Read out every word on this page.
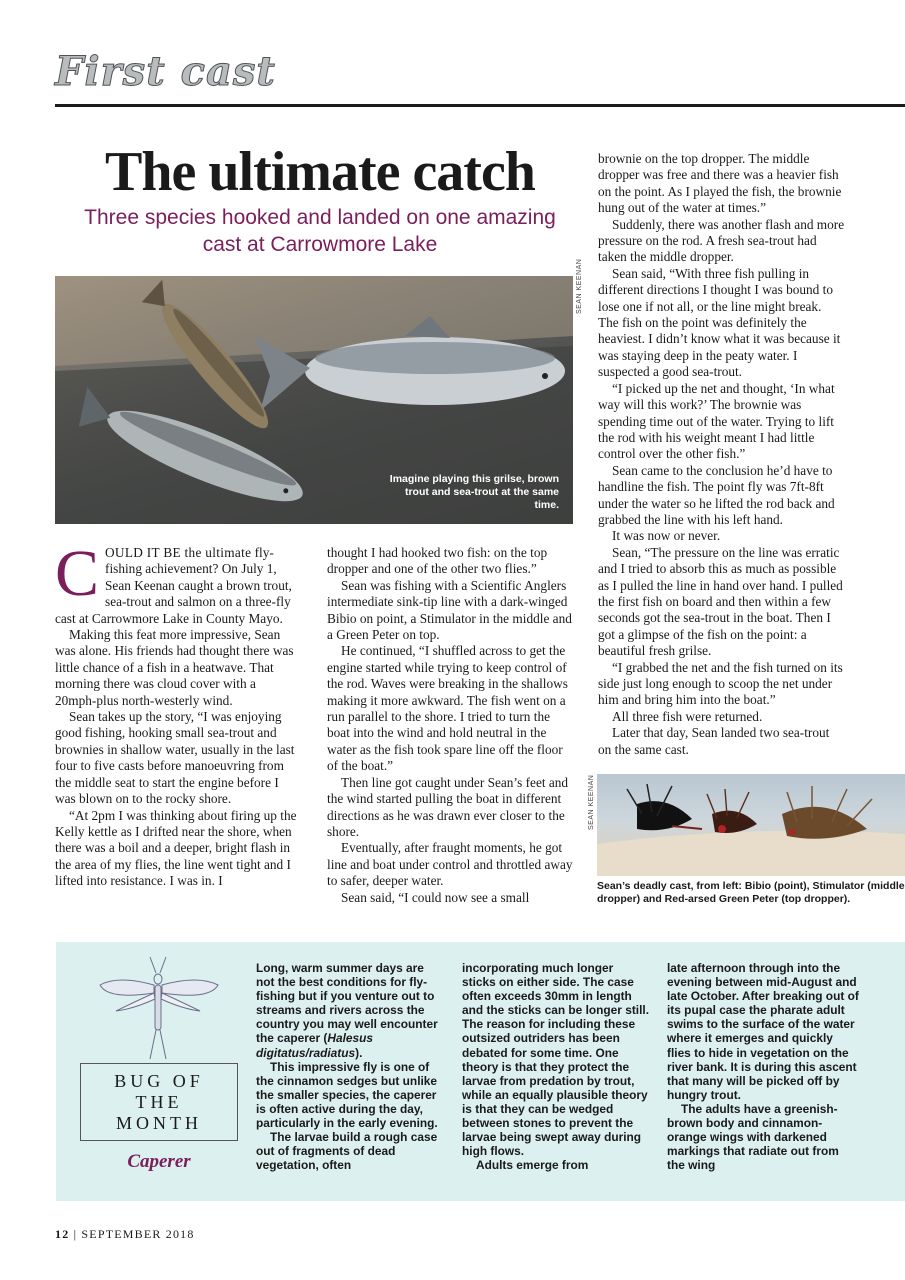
First cast
The ultimate catch
Three species hooked and landed on one amazing cast at Carrowmore Lake
Imagine playing this grilse, brown trout and sea-trout at the same time.
SEAN KEENAN

COULD IT BE the ultimate fly-fishing achievement? On July 1, Sean Keenan caught a brown trout, sea-trout and salmon on a three-fly cast at Carrowmore Lake in County Mayo.

Making this feat more impressive, Sean was alone. His friends had thought there was little chance of a fish in a heatwave. That morning there was cloud cover with a 20mph-plus north-westerly wind.

Sean takes up the story, “I was enjoying good fishing, hooking small sea-trout and brownies in shallow water, usually in the last four to five casts before manoeuvring from the middle seat to start the engine before I was blown on to the rocky shore.

“At 2pm I was thinking about firing up the Kelly kettle as I drifted near the shore, when there was a boil and a deeper, bright flash in the area of my flies, the line went tight and I lifted into resistance. I was in. I

thought I had hooked two fish: on the top dropper and one of the other two flies.”

Sean was fishing with a Scientific Anglers intermediate sink-tip line with a dark-winged Bibio on point, a Stimulator in the middle and a Green Peter on top.

He continued, “I shuffled across to get the engine started while trying to keep control of the rod. Waves were breaking in the shallows making it more awkward. The fish went on a run parallel to the shore. I tried to turn the boat into the wind and hold neutral in the water as the fish took spare line off the floor of the boat.”

Then line got caught under Sean’s feet and the wind started pulling the boat in different directions as he was drawn ever closer to the shore.

Eventually, after fraught moments, he got line and boat under control and throttled away to safer, deeper water.

Sean said, “I could now see a small

brownie on the top dropper. The middle dropper was free and there was a heavier fish on the point. As I played the fish, the brownie hung out of the water at times.”

Suddenly, there was another flash and more pressure on the rod. A fresh sea-trout had taken the middle dropper.

Sean said, “With three fish pulling in different directions I thought I was bound to lose one if not all, or the line might break. The fish on the point was definitely the heaviest. I didn’t know what it was because it was staying deep in the peaty water. I suspected a good sea-trout.

“I picked up the net and thought, ‘In what way will this work?’ The brownie was spending time out of the water. Trying to lift the rod with his weight meant I had little control over the other fish.”

Sean came to the conclusion he’d have to handline the fish. The point fly was 7ft-8ft under the water so he lifted the rod back and grabbed the line with his left hand.

It was now or never.

Sean, “The pressure on the line was erratic and I tried to absorb this as much as possible as I pulled the line in hand over hand. I pulled the first fish on board and then within a few seconds got the sea-trout in the boat. Then I got a glimpse of the fish on the point: a beautiful fresh grilse.

“I grabbed the net and the fish turned on its side just long enough to scoop the net under him and bring him into the boat.”

All three fish were returned.

Later that day, Sean landed two sea-trout on the same cast.

SEAN KEENAN
Sean’s deadly cast, from left: Bibio (point), Stimulator (middle dropper) and Red-arsed Green Peter (top dropper).
BUG OF
THE
MONTH
Caperer

Long, warm summer days are not the best conditions for fly-fishing but if you venture out to streams and rivers across the country you may well encounter the caperer (Halesus digitatus/radiatus).

This impressive fly is one of the cinnamon sedges but unlike the smaller species, the caperer is often active during the day, particularly in the early evening.

The larvae build a rough case out of fragments of dead vegetation, often

incorporating much longer sticks on either side. The case often exceeds 30mm in length and the sticks can be longer still. The reason for including these outsized outriders has been debated for some time. One theory is that they protect the larvae from predation by trout, while an equally plausible theory is that they can be wedged between stones to prevent the larvae being swept away during high flows.

Adults emerge from

late afternoon through into the evening between mid-August and late October. After breaking out of its pupal case the pharate adult swims to the surface of the water where it emerges and quickly flies to hide in vegetation on the river bank. It is during this ascent that many will be picked off by hungry trout.

The adults have a greenish-brown body and cinnamon-orange wings with darkened markings that radiate out from the wing

12 | SEPTEMBER 2018
